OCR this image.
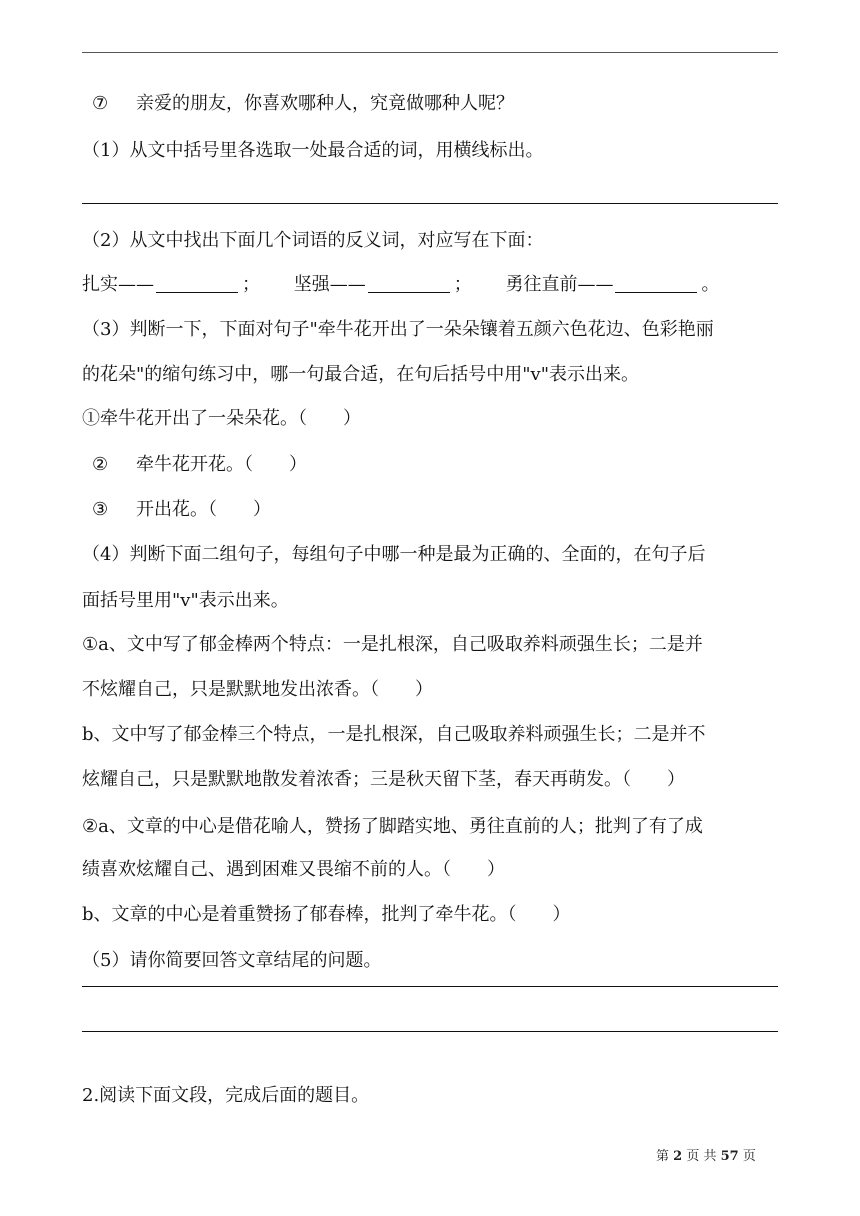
⑦ 亲爱的朋友，你喜欢哪种人，究竟做哪种人呢？
（1）从文中括号里各选取一处最合适的词，用横线标出。
（2）从文中找出下面几个词语的反义词，对应写在下面：
扎实——	； 坚强——	； 勇往直前——	。
（3）判断一下，下面对句子"牵牛花开出了一朵朵镶着五颜六色花边、色彩艳丽
的花朵"的缩句练习中，哪一句最合适，在句后括号中用"v"表示出来。
①牵牛花开出了一朵朵花。（　　）
② 牵牛花开花。（　　）
③ 开出花。（　　）
（4）判断下面二组句子，每组句子中哪一种是最为正确的、全面的，在句子后
面括号里用"v"表示出来。
①a、文中写了郁金棒两个特点：一是扎根深，自己吸取养料顽强生长；二是并
不炫耀自己，只是默默地发出浓香。（　　）
b、文中写了郁金棒三个特点，一是扎根深，自己吸取养料顽强生长；二是并不
炫耀自己，只是默默地散发着浓香；三是秋天留下茎，春天再萌发。（　　）
②a、文章的中心是借花喻人，赞扬了脚踏实地、勇往直前的人；批判了有了成
绩喜欢炫耀自己、遇到困难又畏缩不前的人。（　　）
b、文章的中心是着重赞扬了郁春棒，批判了牵牛花。（　　）
（5）请你简要回答文章结尾的问题。
2.阅读下面文段，完成后面的题目。
第 2 页 共 57 页
